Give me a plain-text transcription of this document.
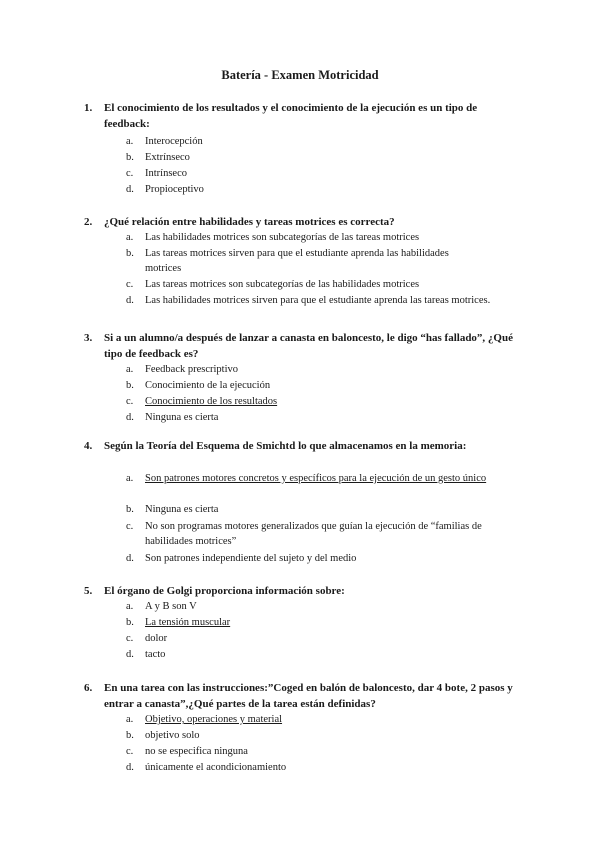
Batería - Examen Motricidad
1.	El conocimiento de los resultados y el conocimiento de la ejecución es un tipo de feedback:
a.	Interocepción
b.	Extrínseco
c.	Intrínseco
d.	Propioceptivo
2.	¿Qué relación entre habilidades y tareas motrices es correcta?
a.	Las habilidades motrices son subcategorías de las tareas motrices
b.	Las tareas motrices sirven para que el estudiante aprenda las habilidades motrices
c.	Las tareas motrices son subcategorías de las habilidades motrices
d.	Las habilidades motrices sirven para que el estudiante aprenda las tareas motrices.
3.	Si a un alumno/a después de lanzar a canasta en baloncesto, le digo “has fallado”, ¿Qué tipo de feedback es?
a.	Feedback prescriptivo
b.	Conocimiento de la ejecución
c.	Conocimiento de los resultados
d.	Ninguna es cierta
4.	Según la Teoría del Esquema de Smichtd lo que almacenamos en la memoria:
a.	Son patrones motores concretos y específicos para la ejecución de un gesto único
b.	Ninguna es cierta
c.	No son programas motores generalizados que guían la ejecución de “familias de habilidades motrices”
d.	Son patrones independiente del sujeto y del medio
5.	El órgano de Golgi proporciona información sobre:
a.	A y B son V
b.	La tensión muscular
c.	dolor
d.	tacto
6.	En una tarea con las instrucciones:”Coged en balón de baloncesto, dar 4 bote, 2 pasos y entrar a canasta”,¿Qué partes de la tarea están definidas?
a.	Objetivo, operaciones y material
b.	objetivo solo
c.	no se especifica ninguna
d.	únicamente el acondicionamiento
